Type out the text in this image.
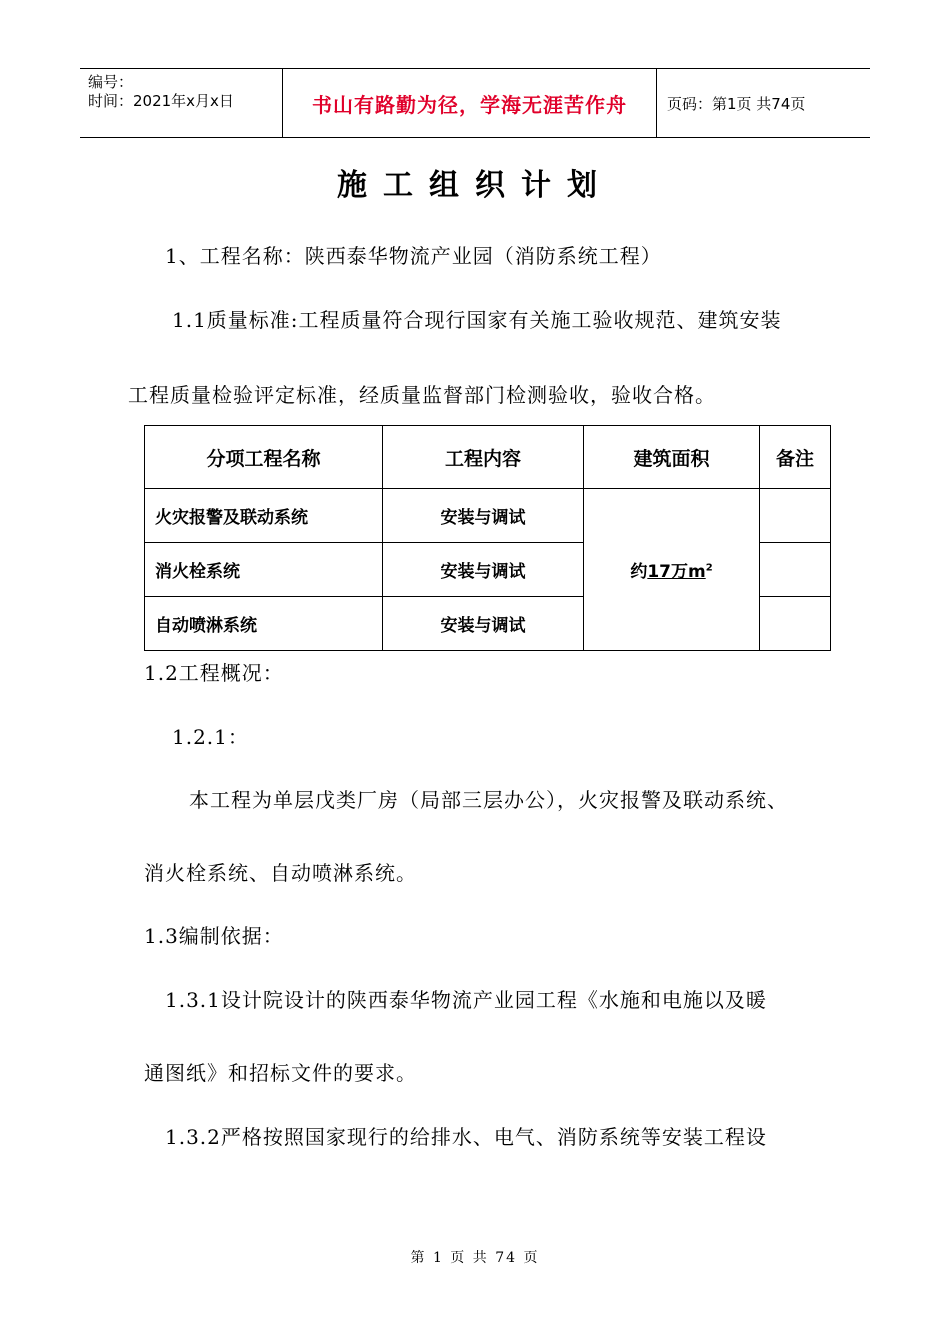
编号：
时间：2021年x月x日	书山有路勤为径，学海无涯苦作舟	页码：第1页 共74页
施工组织计划
1、工程名称：陕西泰华物流产业园（消防系统工程）
1.1质量标准:工程质量符合现行国家有关施工验收规范、建筑安装
工程质量检验评定标准，经质量监督部门检测验收，验收合格。
分项工程名称	工程内容	建筑面积	备注
火灾报警及联动系统	安装与调试	约17万$m^2$	
消火栓系统	安装与调试		
自动喷淋系统	安装与调试		
1.2工程概况：
1.2.1：
本工程为单层戊类厂房（局部三层办公），火灾报警及联动系统、
消火栓系统、自动喷淋系统。
1.3编制依据：
1.3.1设计院设计的陕西泰华物流产业园工程《水施和电施以及暖
通图纸》和招标文件的要求。
1.3.2严格按照国家现行的给排水、电气、消防系统等安装工程设
第 1 页 共 74 页
